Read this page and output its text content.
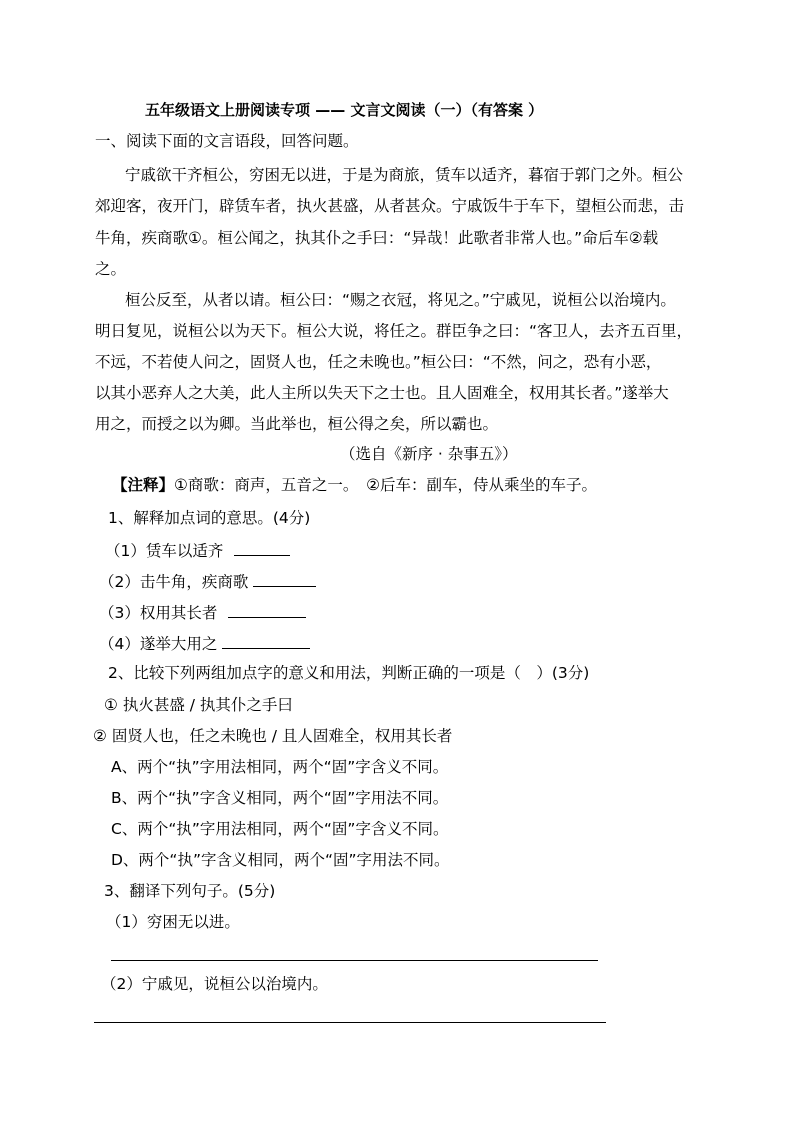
五年级语文上册阅读专项 —— 文言文阅读（一）（有答案 ）
一、阅读下面的文言语段，回答问题。
宁戚欲干齐桓公，穷困无以进，于是为商旅，赁车以适齐，暮宿于郭门之外。桓公
郊迎客，夜开门，辟赁车者，执火甚盛，从者甚众。宁戚饭牛于车下，望桓公而悲，击
牛角，疾商歌①。桓公闻之，执其仆之手曰：“异哉！此歌者非常人也。”命后车②载
之。
桓公反至，从者以请。桓公曰：“赐之衣冠，将见之。”宁戚见，说桓公以治境内。
明日复见，说桓公以为天下。桓公大说，将任之。群臣争之曰：“客卫人，去齐五百里，
不远，不若使人问之，固贤人也，任之未晚也。”桓公曰：“不然，问之，恐有小恶，
以其小恶弃人之大美，此人主所以失天下之士也。且人固难全，权用其长者。”遂举大
用之，而授之以为卿。当此举也，桓公得之矣，所以霸也。
（选自《新序 · 杂事五》）
【注释】①商歌：商声，五音之一。　②后车：副车，侍从乘坐的车子。
1、解释加点词的意思。(4分)
（1）赁车以适齐
（2）击牛角，疾商歌
（3）权用其长者
（4）遂举大用之
2、比较下列两组加点字的意义和用法，判断正确的一项是（　）(3分)
① 执火甚盛 / 执其仆之手曰
② 固贤人也，任之未晚也 / 且人固难全，权用其长者
A、两个“执”字用法相同，两个“固”字含义不同。
B、两个“执”字含义相同，两个“固”字用法不同。
C、两个“执”字用法相同，两个“固”字含义不同。
D、两个“执”字含义相同，两个“固”字用法不同。
3、翻译下列句子。(5分)
（1）穷困无以进。
（2）宁戚见，说桓公以治境内。
